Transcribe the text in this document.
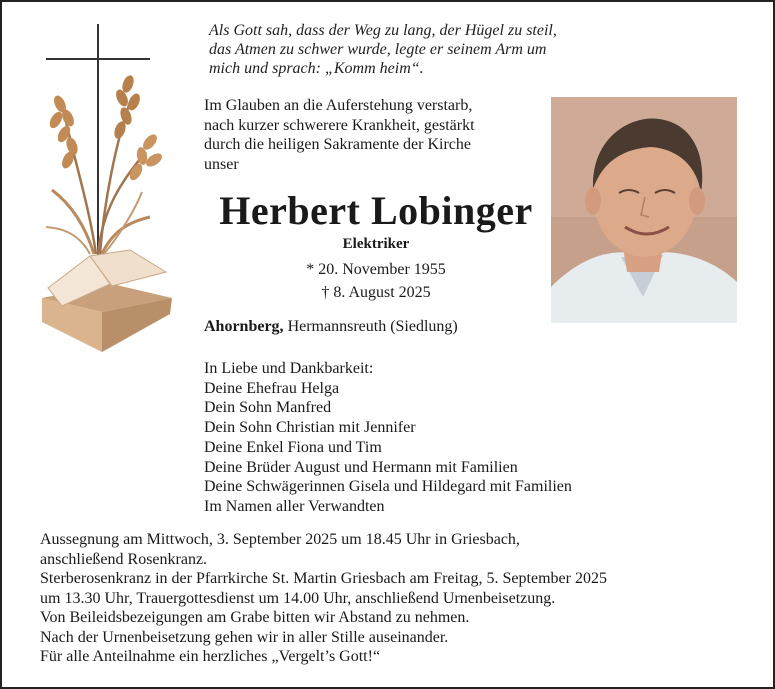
Als Gott sah, dass der Weg zu lang, der Hügel zu steil,
das Atmen zu schwer wurde, legte er seinem Arm um
mich und sprach: „Komm heim“.
Im Glauben an die Auferstehung verstarb,
nach kurzer schwerere Krankheit, gestärkt
durch die heiligen Sakramente der Kirche
unser
Herbert Lobinger
Elektriker
* 20. November 1955
† 8. August 2025
Ahornberg, Hermannsreuth (Siedlung)
In Liebe und Dankbarkeit:
Deine Ehefrau Helga
Dein Sohn Manfred
Dein Sohn Christian mit Jennifer
Deine Enkel Fiona und Tim
Deine Brüder August und Hermann mit Familien
Deine Schwägerinnen Gisela und Hildegard mit Familien
Im Namen aller Verwandten
Aussegnung am Mittwoch, 3. September 2025 um 18.45 Uhr in Griesbach,
anschließend Rosenkranz.
Sterberosenkranz in der Pfarrkirche St. Martin Griesbach am Freitag, 5. September 2025
um 13.30 Uhr, Trauergottesdienst um 14.00 Uhr, anschließend Urnenbeisetzung.
Von Beileidsbezeigungen am Grabe bitten wir Abstand zu nehmen.
Nach der Urnenbeisetzung gehen wir in aller Stille auseinander.
Für alle Anteilnahme ein herzliches „Vergelt’s Gott!“
